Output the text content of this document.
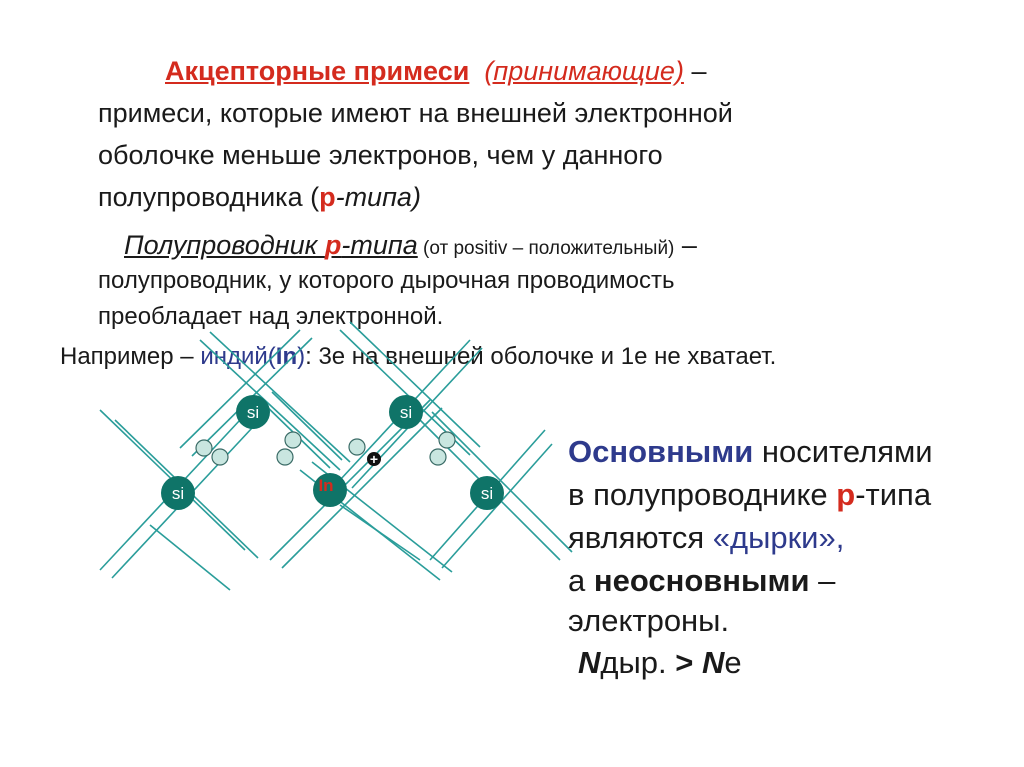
Акцепторные примеси (принимающие) –
примеси, которые имеют на внешней электронной
оболочке меньше электронов, чем у данного
полупроводника (р-типа)
Полупроводник р-типа (от positiv – положительный) –
полупроводник, у которого дырочная проводимость
преобладает над электронной.
Например – индий(In): 3е на внешней оболочке и 1е не хватает.
si	si
si	In	si
+	Основными носителями
в полупроводнике р-типа
являются «дырки»,
а неосновными –
электроны.
Nдыр. > Nе
